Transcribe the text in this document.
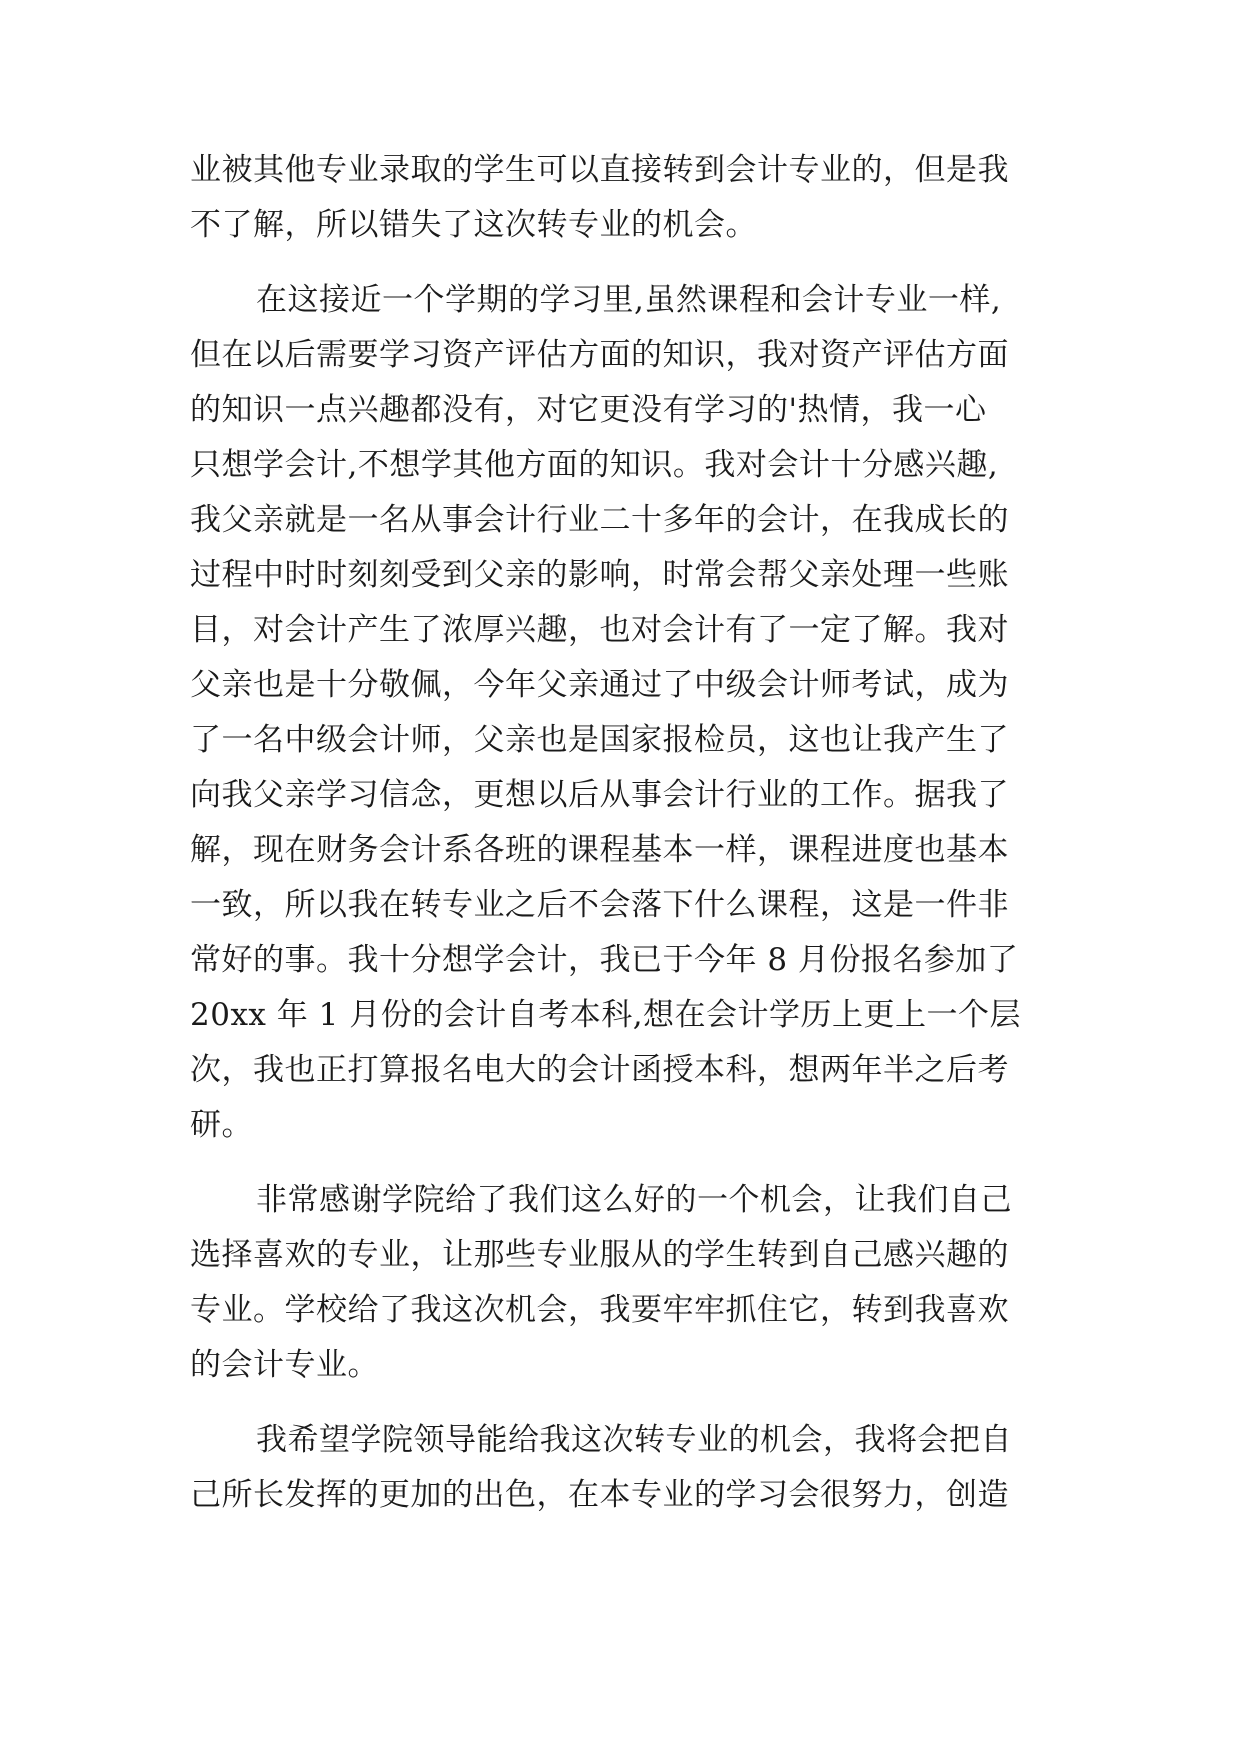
业被其他专业录取的学生可以直接转到会计专业的，但是我
不了解，所以错失了这次转专业的机会。
在这接近一个学期的学习里,虽然课程和会计专业一样,
但在以后需要学习资产评估方面的知识，我对资产评估方面
的知识一点兴趣都没有，对它更没有学习的'热情，我一心
只想学会计,不想学其他方面的知识。我对会计十分感兴趣,
我父亲就是一名从事会计行业二十多年的会计，在我成长的
过程中时时刻刻受到父亲的影响，时常会帮父亲处理一些账
目，对会计产生了浓厚兴趣，也对会计有了一定了解。我对
父亲也是十分敬佩，今年父亲通过了中级会计师考试，成为
了一名中级会计师，父亲也是国家报检员，这也让我产生了
向我父亲学习信念，更想以后从事会计行业的工作。据我了
解，现在财务会计系各班的课程基本一样，课程进度也基本
一致，所以我在转专业之后不会落下什么课程，这是一件非
常好的事。我十分想学会计，我已于今年 8 月份报名参加了
20xx 年 1 月份的会计自考本科,想在会计学历上更上一个层
次，我也正打算报名电大的会计函授本科，想两年半之后考
研。
非常感谢学院给了我们这么好的一个机会，让我们自己
选择喜欢的专业，让那些专业服从的学生转到自己感兴趣的
专业。学校给了我这次机会，我要牢牢抓住它，转到我喜欢
的会计专业。
我希望学院领导能给我这次转专业的机会，我将会把自
己所长发挥的更加的出色，在本专业的学习会很努力，创造
